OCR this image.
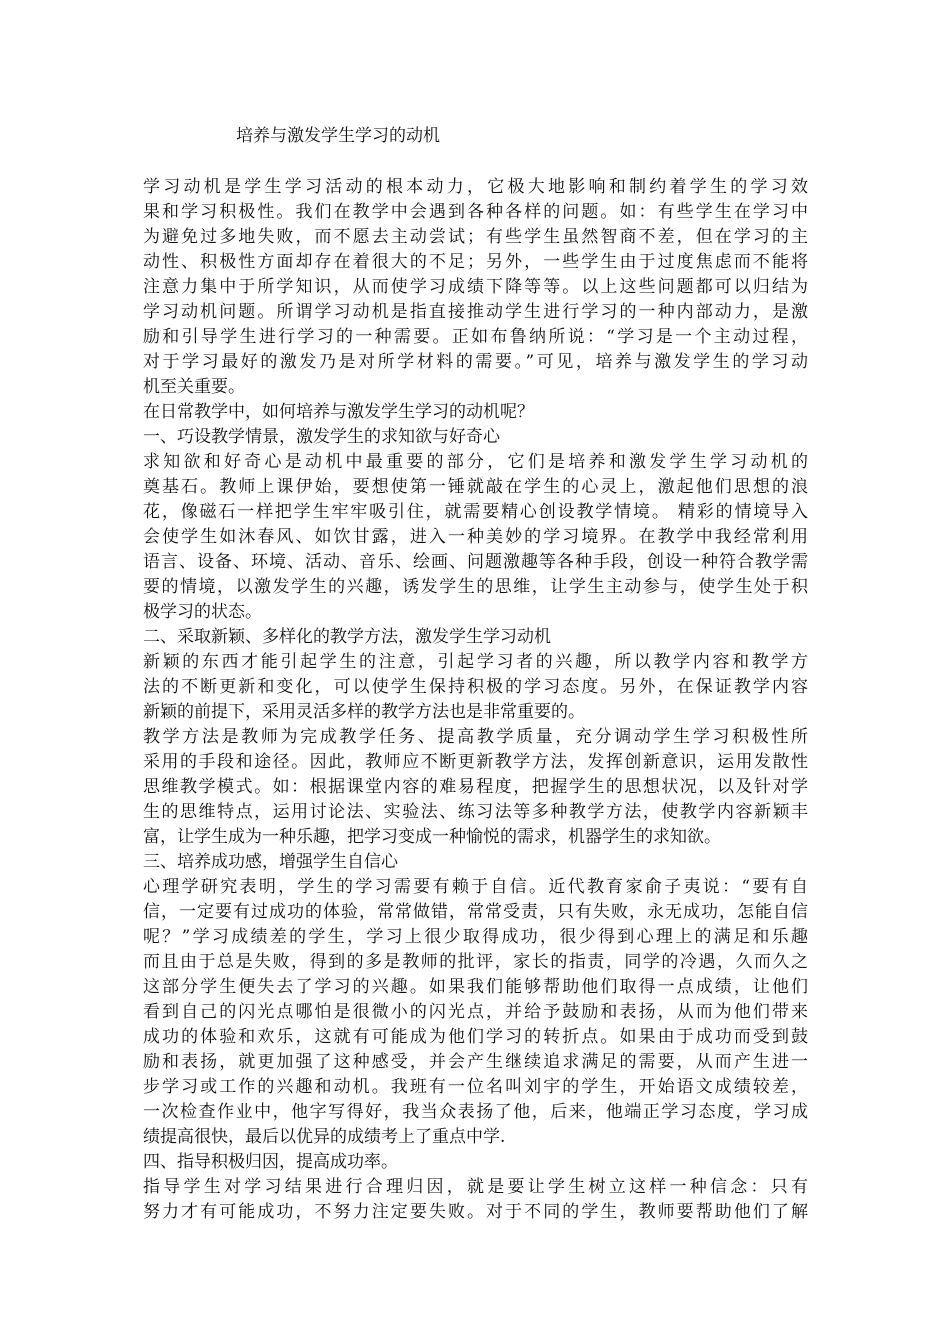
培养与激发学生学习的动机
学习动机是学生学习活动的根本动力，它极大地影响和制约着学生的学习效
果和学习积极性。我们在教学中会遇到各种各样的问题。如：有些学生在学习中
为避免过多地失败，而不愿去主动尝试；有些学生虽然智商不差，但在学习的主
动性、积极性方面却存在着很大的不足；另外，一些学生由于过度焦虑而不能将
注意力集中于所学知识，从而使学习成绩下降等等。以上这些问题都可以归结为
学习动机问题。所谓学习动机是指直接推动学生进行学习的一种内部动力，是激
励和引导学生进行学习的一种需要。正如布鲁纳所说：“学习是一个主动过程，
对于学习最好的激发乃是对所学材料的需要。”可见，培养与激发学生的学习动
机至关重要。
在日常教学中，如何培养与激发学生学习的动机呢？
一、巧设教学情景，激发学生的求知欲与好奇心
求知欲和好奇心是动机中最重要的部分，它们是培养和激发学生学习动机的
奠基石。教师上课伊始，要想使第一锤就敲在学生的心灵上，激起他们思想的浪
花，像磁石一样把学生牢牢吸引住，就需要精心创设教学情境。 精彩的情境导入
会使学生如沐春风、如饮甘露，进入一种美妙的学习境界。在教学中我经常利用
语言、设备、环境、活动、音乐、绘画、问题激趣等各种手段，创设一种符合教学需
要的情境，以激发学生的兴趣，诱发学生的思维，让学生主动参与，使学生处于积
极学习的状态。
二、采取新颖、多样化的教学方法，激发学生学习动机
新颖的东西才能引起学生的注意，引起学习者的兴趣，所以教学内容和教学方
法的不断更新和变化，可以使学生保持积极的学习态度。另外，在保证教学内容
新颖的前提下，采用灵活多样的教学方法也是非常重要的。
教学方法是教师为完成教学任务、提高教学质量，充分调动学生学习积极性所
采用的手段和途径。因此，教师应不断更新教学方法，发挥创新意识，运用发散性
思维教学模式。如：根据课堂内容的难易程度，把握学生的思想状况，以及针对学
生的思维特点，运用讨论法、实验法、练习法等多种教学方法，使教学内容新颖丰
富，让学生成为一种乐趣，把学习变成一种愉悦的需求，机器学生的求知欲。
三、培养成功感，增强学生自信心
心理学研究表明，学生的学习需要有赖于自信。近代教育家俞子夷说：“要有自
信，一定要有过成功的体验，常常做错，常常受责，只有失败，永无成功，怎能自信
呢？”学习成绩差的学生，学习上很少取得成功，很少得到心理上的满足和乐趣
而且由于总是失败，得到的多是教师的批评，家长的指责，同学的冷遇，久而久之
这部分学生便失去了学习的兴趣。如果我们能够帮助他们取得一点成绩，让他们
看到自己的闪光点哪怕是很微小的闪光点，并给予鼓励和表扬，从而为他们带来
成功的体验和欢乐，这就有可能成为他们学习的转折点。如果由于成功而受到鼓
励和表扬，就更加强了这种感受，并会产生继续追求满足的需要，从而产生进一
步学习或工作的兴趣和动机。我班有一位名叫刘宇的学生，开始语文成绩较差，
一次检查作业中，他字写得好，我当众表扬了他，后来，他端正学习态度，学习成
绩提高很快，最后以优异的成绩考上了重点中学.
四、指导积极归因，提高成功率。
指导学生对学习结果进行合理归因，就是要让学生树立这样一种信念：只有
努力才有可能成功，不努力注定要失败。对于不同的学生，教师要帮助他们了解
